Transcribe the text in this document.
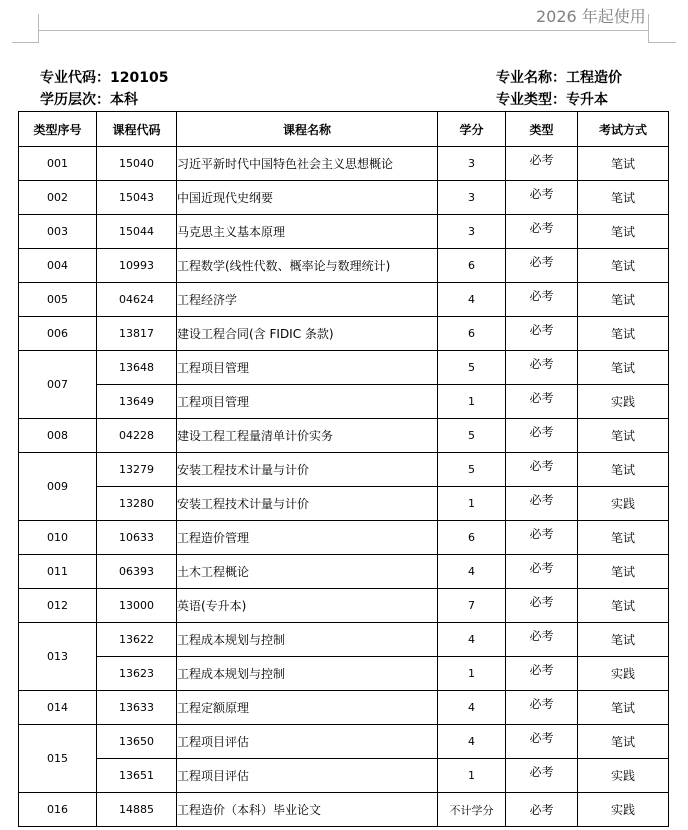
2026 年起使用
专业代码：120105
学历层次：本科
专业名称：工程造价
专业类型：专升本
类型序号	课程代码	课程名称	学分	类型	考试方式
001	15040	习近平新时代中国特色社会主义思想概论	3	必考	笔试
002	15043	中国近现代史纲要	3	必考	笔试
003	15044	马克思主义基本原理	3	必考	笔试
004	10993	工程数学(线性代数、概率论与数理统计)	6	必考	笔试
005	04624	工程经济学	4	必考	笔试
006	13817	建设工程合同(含 FIDIC 条款)	6	必考	笔试
007	13648	工程项目管理	5	必考	笔试
	13649	工程项目管理	1	必考	实践
008	04228	建设工程工程量清单计价实务	5	必考	笔试
009	13279	安装工程技术计量与计价	5	必考	笔试
	13280	安装工程技术计量与计价	1	必考	实践
010	10633	工程造价管理	6	必考	笔试
011	06393	土木工程概论	4	必考	笔试
012	13000	英语(专升本)	7	必考	笔试
013	13622	工程成本规划与控制	4	必考	笔试
	13623	工程成本规划与控制	1	必考	实践
014	13633	工程定额原理	4	必考	笔试
015	13650	工程项目评估	4	必考	笔试
	13651	工程项目评估	1	必考	实践
016	14885	工程造价（本科）毕业论文	不计学分	必考	实践
